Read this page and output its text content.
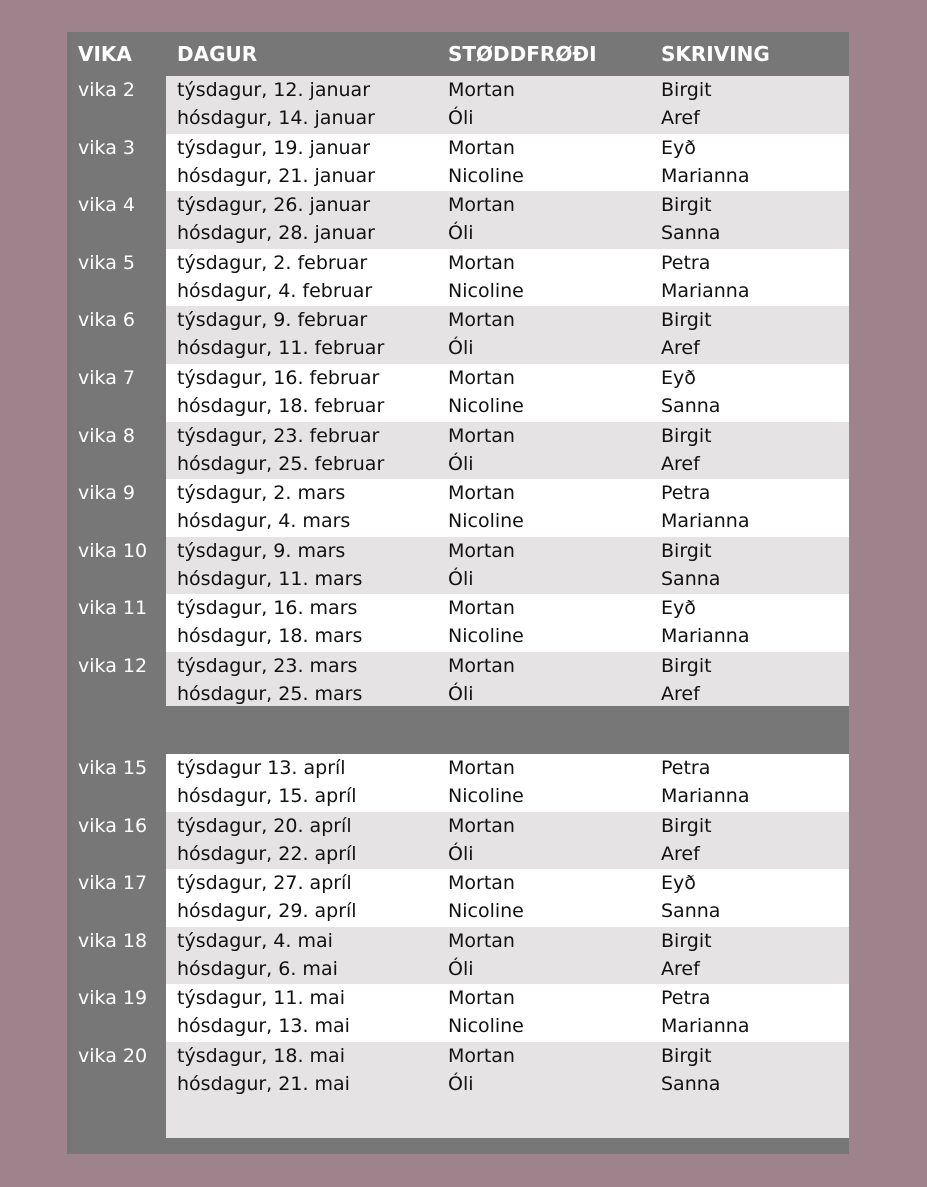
VIKA DAGUR	STØDDFRØÐI	SKRIVING
vika 2 týsdagur, 12. januar	Mortan	Birgit
hósdagur, 14. januar	Óli	Aref
vika 3 týsdagur, 19. januar	Mortan	Eyð
hósdagur, 21. januar	Nicoline	Marianna
vika 4 týsdagur, 26. januar	Mortan	Birgit
hósdagur, 28. januar	Óli	Sanna
vika 5 týsdagur, 2. februar	Mortan	Petra
hósdagur, 4. februar	Nicoline	Marianna
vika 6 týsdagur, 9. februar	Mortan	Birgit
hósdagur, 11. februar	Óli	Aref
vika 7 týsdagur, 16. februar	Mortan	Eyð
hósdagur, 18. februar	Nicoline	Sanna
vika 8 týsdagur, 23. februar	Mortan	Birgit
hósdagur, 25. februar	Óli	Aref
vika 9 týsdagur, 2. mars	Mortan	Petra
hósdagur, 4. mars	Nicoline	Marianna
vika 10 týsdagur, 9. mars	Mortan	Birgit
hósdagur, 11. mars	Óli	Sanna
vika 11 týsdagur, 16. mars	Mortan	Eyð
hósdagur, 18. mars	Nicoline	Marianna
vika 12 týsdagur, 23. mars	Mortan	Birgit
hósdagur, 25. mars	Óli	Aref
vika 15 týsdagur 13. apríl	Mortan	Petra
hósdagur, 15. apríl	Nicoline	Marianna
vika 16 týsdagur, 20. apríl	Mortan	Birgit
hósdagur, 22. apríl	Óli	Aref
vika 17 týsdagur, 27. apríl	Mortan	Eyð
hósdagur, 29. apríl	Nicoline	Sanna
vika 18 týsdagur, 4. mai	Mortan	Birgit
hósdagur, 6. mai	Óli	Aref
vika 19 týsdagur, 11. mai	Mortan	Petra
hósdagur, 13. mai	Nicoline	Marianna
vika 20 týsdagur, 18. mai	Mortan	Birgit
hósdagur, 21. mai	Óli	Sanna
